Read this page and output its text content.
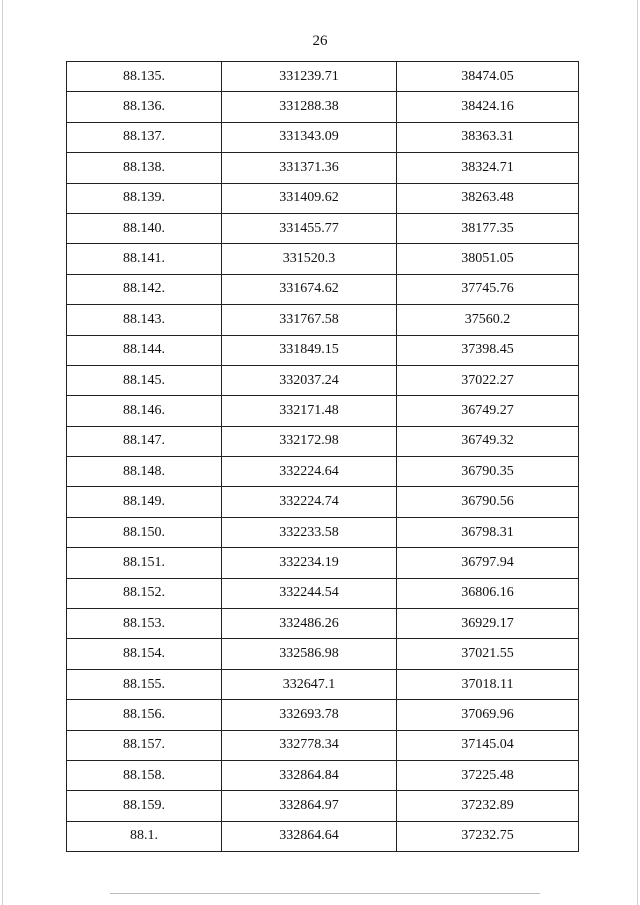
26
88.135.	331239.71	38474.05
88.136.	331288.38	38424.16
88.137.	331343.09	38363.31
88.138.	331371.36	38324.71
88.139.	331409.62	38263.48
88.140.	331455.77	38177.35
88.141.	331520.3	38051.05
88.142.	331674.62	37745.76
88.143.	331767.58	37560.2
88.144.	331849.15	37398.45
88.145.	332037.24	37022.27
88.146.	332171.48	36749.27
88.147.	332172.98	36749.32
88.148.	332224.64	36790.35
88.149.	332224.74	36790.56
88.150.	332233.58	36798.31
88.151.	332234.19	36797.94
88.152.	332244.54	36806.16
88.153.	332486.26	36929.17
88.154.	332586.98	37021.55
88.155.	332647.1	37018.11
88.156.	332693.78	37069.96
88.157.	332778.34	37145.04
88.158.	332864.84	37225.48
88.159.	332864.97	37232.89
88.1.	332864.64	37232.75
